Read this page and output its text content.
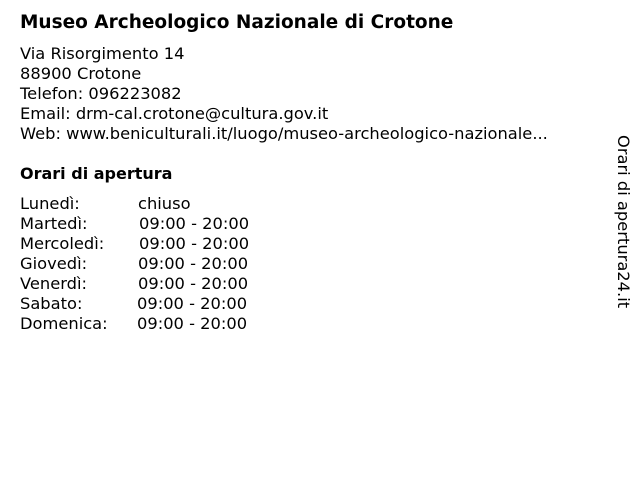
Museo Archeologico Nazionale di Crotone
Via Risorgimento 14
88900 Crotone
Telefon: 096223082
Email: drm-cal.crotone@cultura.gov.it
Web: www.beniculturali.it/luogo/museo-archeologico-nazionale...
Orari di apertura
Lunedì:	chiuso
Martedì:	09:00 - 20:00
Mercoledì: 09:00 - 20:00
Giovedì:	09:00 - 20:00
Venerdì:	09:00 - 20:00
Sabato:	09:00 - 20:00
Domenica: 09:00 - 20:00
Orari di apertura24.it
